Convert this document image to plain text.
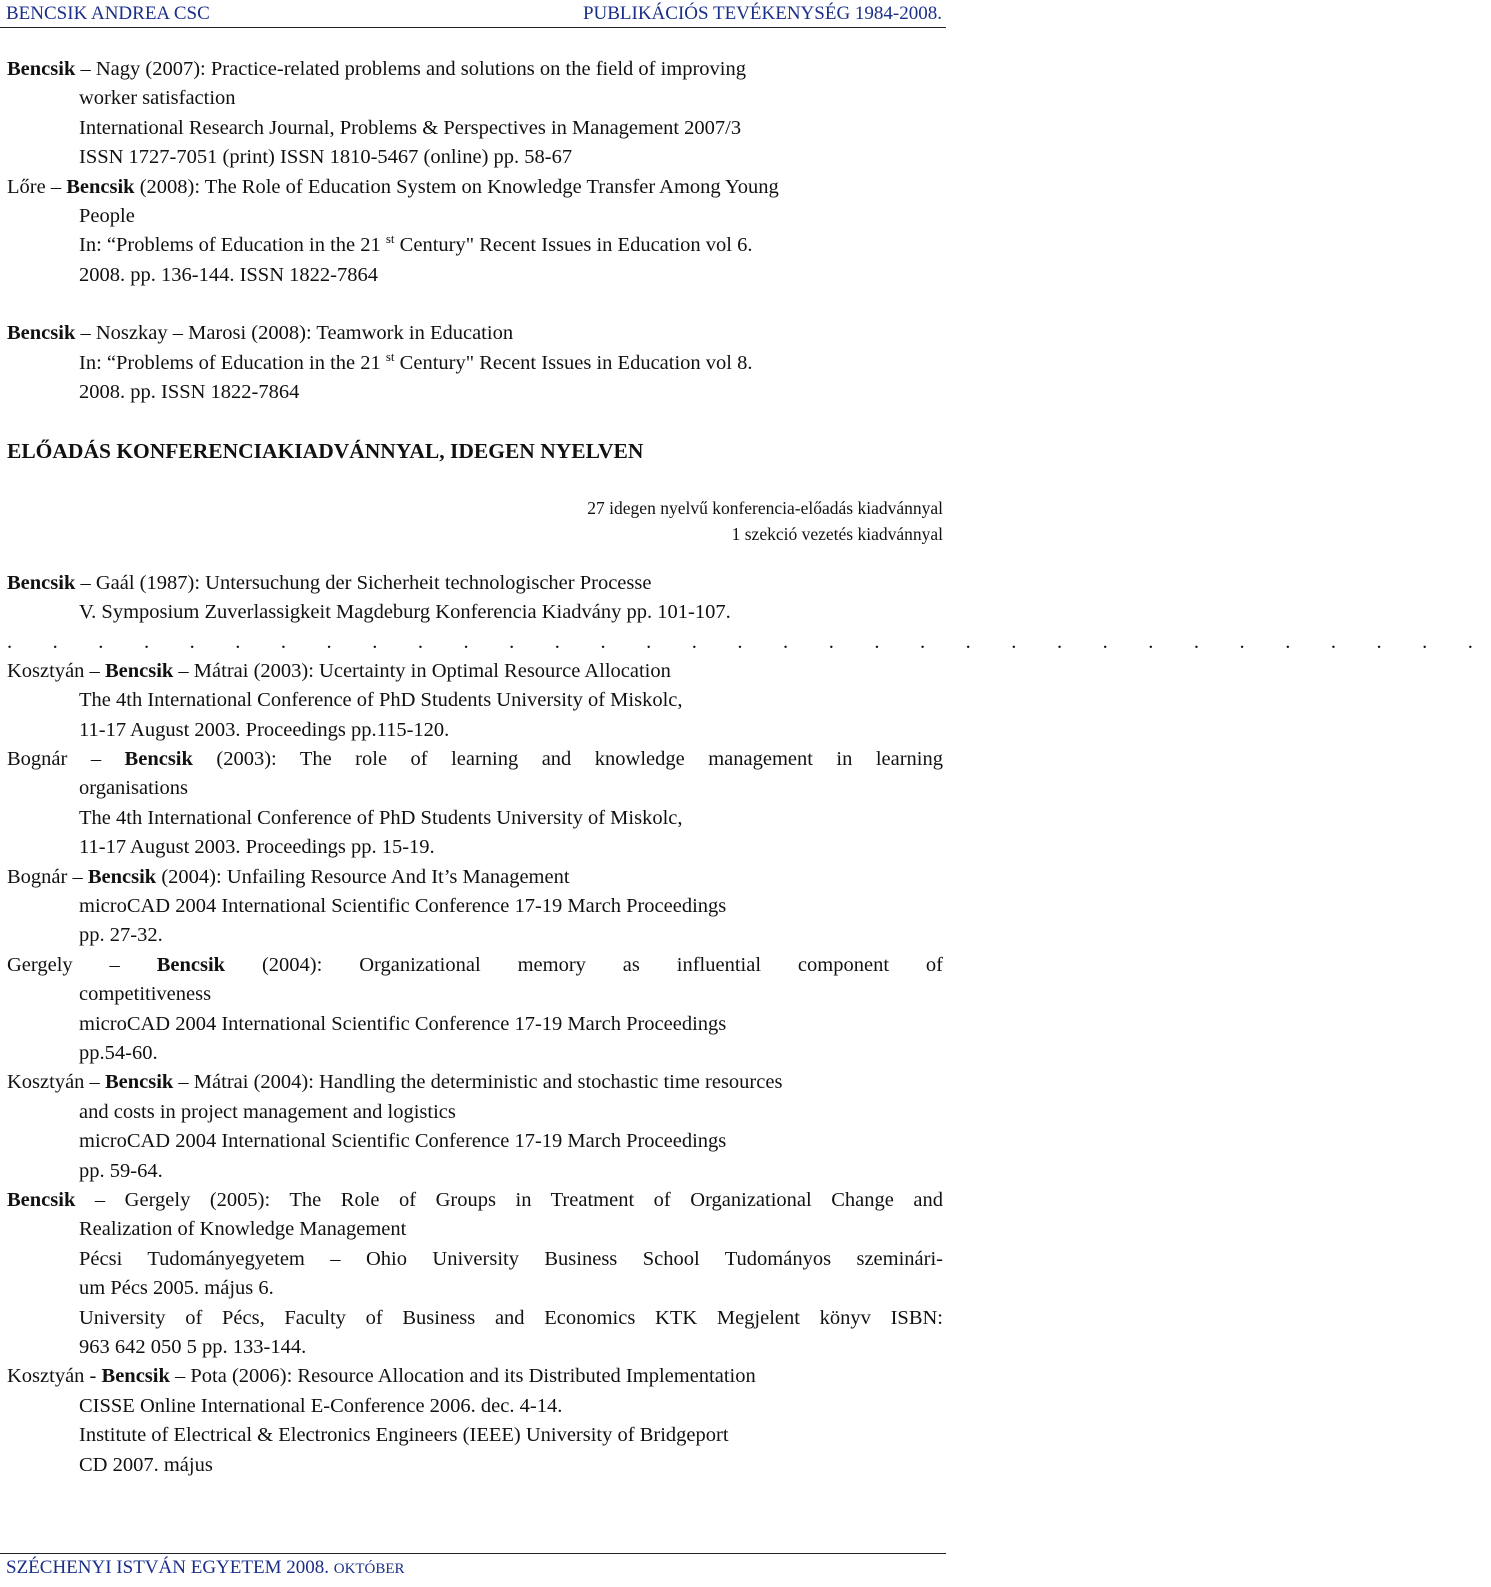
BENCSIK ANDREA CSC	PUBLIKÁCIÓS TEVÉKENYSÉG 1984-2008.
Bencsik – Nagy (2007): Practice-related problems and solutions on the field of improving
worker satisfaction
International Research Journal, Problems & Perspectives in Management 2007/3
ISSN 1727-7051 (print) ISSN 1810-5467 (online) pp. 58-67
Lőre – Bencsik (2008): The Role of Education System on Knowledge Transfer Among Young
People
In: “Problems of Education in the 21 $^{st}$ Century" Recent Issues in Education vol 6.
2008. pp. 136-144. ISSN 1822-7864
Bencsik – Noszkay – Marosi (2008): Teamwork in Education
In: “Problems of Education in the 21 $^{st}$ Century" Recent Issues in Education vol 8.
2008. pp. ISSN 1822-7864
ELŐADÁS KONFERENCIAKIADVÁNNYAL, IDEGEN NYELVEN
27 idegen nyelvű konferencia-előadás kiadvánnyal
1 szekció vezetés kiadvánnyal
Bencsik – Gaál (1987): Untersuchung der Sicherheit technologischer Processe
V. Symposium Zuverlassigkeit Magdeburg Konferencia Kiadvány pp. 101-107.
. . . . . . . . . . . . . . . . . . . . . . . . . . . . . . . . .
Kosztyán – Bencsik – Mátrai (2003): Ucertainty in Optimal Resource Allocation
The 4th International Conference of PhD Students University of Miskolc,
11-17 August 2003. Proceedings pp.115-120.
Bognár – Bencsik (2003): The role of learning and knowledge management in learning
organisations
The 4th International Conference of PhD Students University of Miskolc,
11-17 August 2003. Proceedings pp. 15-19.
Bognár – Bencsik (2004): Unfailing Resource And It’s Management
microCAD 2004 International Scientific Conference 17-19 March Proceedings
pp. 27-32.
Gergely – Bencsik (2004): Organizational memory as influential component of
competitiveness
microCAD 2004 International Scientific Conference 17-19 March Proceedings
pp.54-60.
Kosztyán – Bencsik – Mátrai (2004): Handling the deterministic and stochastic time resources
and costs in project management and logistics
microCAD 2004 International Scientific Conference 17-19 March Proceedings
pp. 59-64.
Bencsik – Gergely (2005): The Role of Groups in Treatment of Organizational Change and
Realization of Knowledge Management
Pécsi Tudományegyetem – Ohio University Business School Tudományos szeminári-
um Pécs 2005. május 6.
University of Pécs, Faculty of Business and Economics KTK Megjelent könyv ISBN:
963 642 050 5 pp. 133-144.
Kosztyán - Bencsik – Pota (2006): Resource Allocation and its Distributed Implementation
CISSE Online International E-Conference 2006. dec. 4-14.
Institute of Electrical & Electronics Engineers (IEEE) University of Bridgeport
CD 2007. május
SZÉCHENYI ISTVÁN EGYETEM 2008. OKTÓBER
